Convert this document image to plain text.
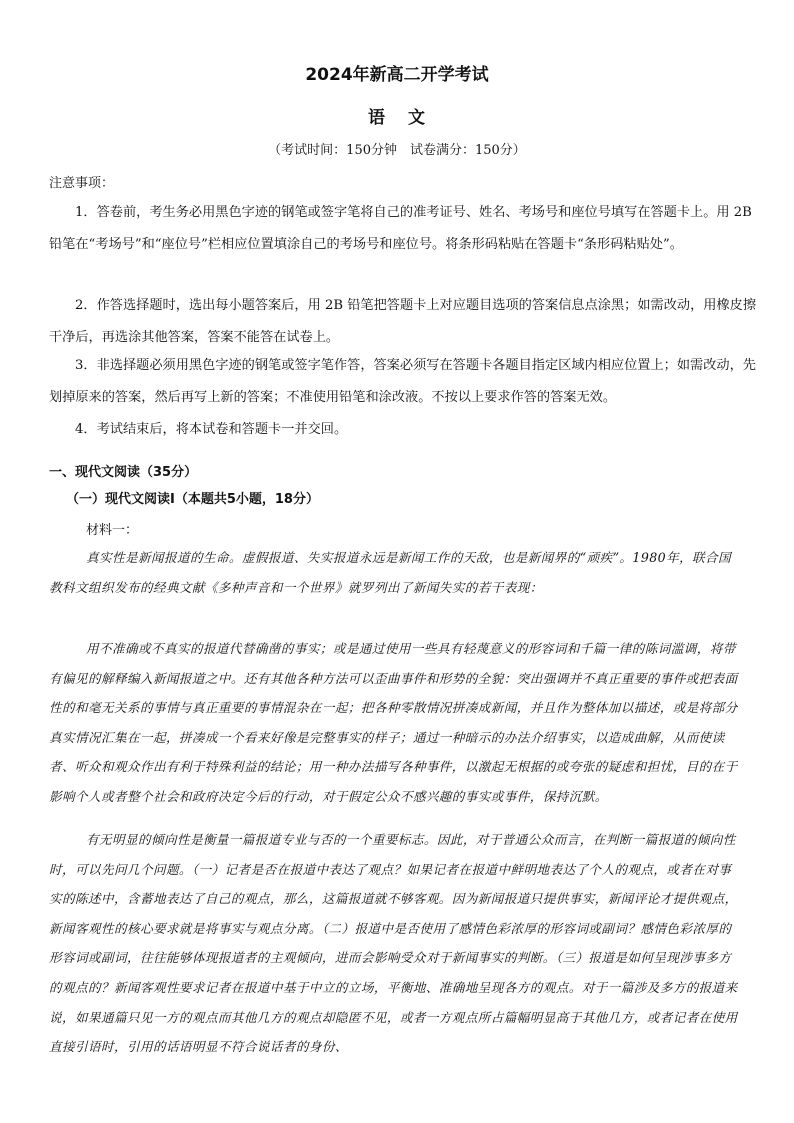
2024年新高二开学考试
语 文
（考试时间：150分钟　试卷满分：150分）
注意事项：
1．答卷前，考生务必用黑色字迹的钢笔或签字笔将自己的准考证号、姓名、考场号和座位号填写在答题卡上。用 2B 铅笔在“考场号”和“座位号”栏相应位置填涂自己的考场号和座位号。将条形码粘贴在答题卡“条形码粘贴处”。
2．作答选择题时，选出每小题答案后，用 2B 铅笔把答题卡上对应题目选项的答案信息点涂黑；如需改动，用橡皮擦干净后，再选涂其他答案，答案不能答在试卷上。
3．非选择题必须用黑色字迹的钢笔或签字笔作答，答案必须写在答题卡各题目指定区域内相应位置上；如需改动，先划掉原来的答案，然后再写上新的答案；不准使用铅笔和涂改液。不按以上要求作答的答案无效。
4．考试结束后，将本试卷和答题卡一并交回。
一、现代文阅读（35分）
（一）现代文阅读Ⅰ（本题共5小题，18分）
材料一：
真实性是新闻报道的生命。虚假报道、失实报道永远是新闻工作的天敌，也是新闻界的“顽疾”。1980年，联合国教科文组织发布的经典文献《多种声音和一个世界》就罗列出了新闻失实的若干表现：
用不准确或不真实的报道代替确凿的事实；或是通过使用一些具有轻蔑意义的形容词和千篇一律的陈词滥调，将带有偏见的解释编入新闻报道之中。还有其他各种方法可以歪曲事件和形势的全貌：突出强调并不真正重要的事件或把表面性的和毫无关系的事情与真正重要的事情混杂在一起；把各种零散情况拼凑成新闻，并且作为整体加以描述，或是将部分真实情况汇集在一起，拼凑成一个看来好像是完整事实的样子；通过一种暗示的办法介绍事实，以造成曲解，从而使读者、听众和观众作出有利于特殊利益的结论；用一种办法描写各种事件，以激起无根据的或夸张的疑虑和担忧，目的在于影响个人或者整个社会和政府决定今后的行动，对于假定公众不感兴趣的事实或事件，保持沉默。
有无明显的倾向性是衡量一篇报道专业与否的一个重要标志。因此，对于普通公众而言，在判断一篇报道的倾向性时，可以先问几个问题。（一）记者是否在报道中表达了观点？如果记者在报道中鲜明地表达了个人的观点，或者在对事实的陈述中，含蓄地表达了自己的观点，那么，这篇报道就不够客观。因为新闻报道只提供事实，新闻评论才提供观点，新闻客观性的核心要求就是将事实与观点分离。（二）报道中是否使用了感情色彩浓厚的形容词或副词？感情色彩浓厚的形容词或副词，往往能够体现报道者的主观倾向，进而会影响受众对于新闻事实的判断。（三）报道是如何呈现涉事多方的观点的？新闻客观性要求记者在报道中基于中立的立场，平衡地、准确地呈现各方的观点。对于一篇涉及多方的报道来说，如果通篇只见一方的观点而其他几方的观点却隐匿不见，或者一方观点所占篇幅明显高于其他几方，或者记者在使用直接引语时，引用的话语明显不符合说话者的身份、
